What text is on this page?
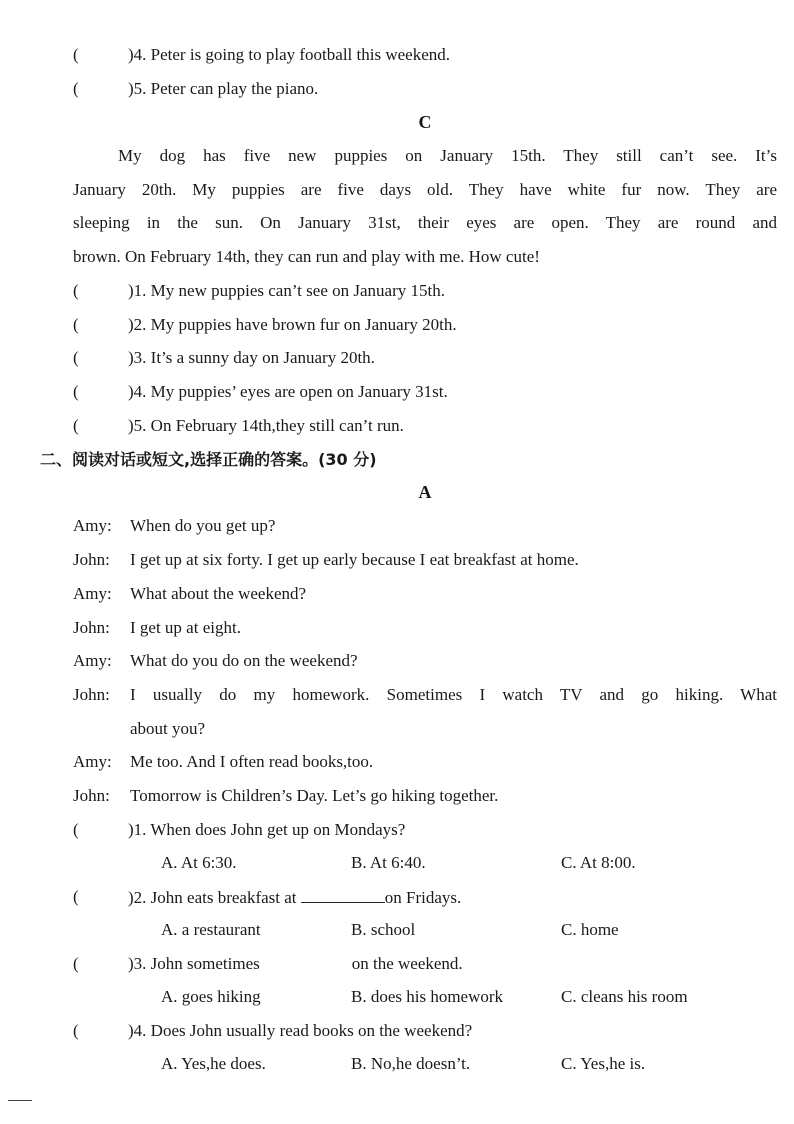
(	)4. Peter is going to play football this weekend.
(	)5. Peter can play the piano.
C
My dog has five new puppies on January 15th. They still can’t see. It’s
January 20th. My puppies are five days old. They have white fur now. They are
sleeping in the sun. On January 31st, their eyes are open. They are round and
brown. On February 14th, they can run and play with me. How cute!
(	)1. My new puppies can’t see on January 15th.
(	)2. My puppies have brown fur on January 20th.
(	)3. It’s a sunny day on January 20th.
(	)4. My puppies’ eyes are open on January 31st.
(	)5. On February 14th,they still can’t run.
二、阅读对话或短文,选择正确的答案。(30 分)
A
Amy: When do you get up?
John: I get up at six forty. I get up early because I eat breakfast at home.
Amy: What about the weekend?
John: I get up at eight.
Amy: What do you do on the weekend?
John:	I usually do my homework. Sometimes I watch TV and go hiking. What
about you?
Amy: Me too. And I often read books,too.
John: Tomorrow is Children’s Day. Let’s go hiking together.
(	)1. When does John get up on Mondays?
A. At 6:30.	B. At 6:40.	C. At 8:00.
(	)2. John eats breakfast at	on Fridays.
A. a restaurant	B. school	C. home
(	)3. John sometimes	on the weekend.
A. goes hiking	B. does his homework	C. cleans his room
(	)4. Does John usually read books on the weekend?
A. Yes,he does.	B. No,he doesn’t.	C. Yes,he is.
